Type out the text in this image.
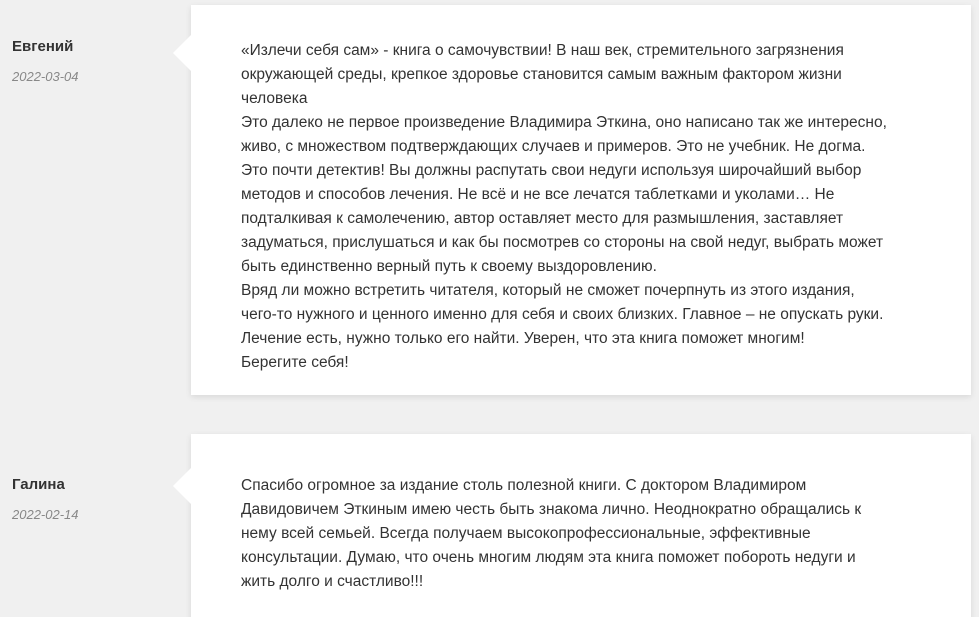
Евгений
2022-03-04

«Излечи себя сам» - книга о самочувствии! В наш век, стремительного загрязнения
окружающей среды, крепкое здоровье становится самым важным фактором жизни
человека

Это далеко не первое произведение Владимира Эткина, оно написано так же интересно,
живо, с множеством подтверждающих случаев и примеров. Это не учебник. Не догма.
Это почти детектив! Вы должны распутать свои недуги используя широчайший выбор
методов и способов лечения. Не всё и не все лечатся таблетками и уколами… Не
подталкивая к самолечению, автор оставляет место для размышления, заставляет
задуматься, прислушаться и как бы посмотрев со стороны на свой недуг, выбрать может
быть единственно верный путь к своему выздоровлению.

Вряд ли можно встретить читателя, который не сможет почерпнуть из этого издания,
чего-то нужного и ценного именно для себя и своих близких. Главное – не опускать руки.
Лечение есть, нужно только его найти. Уверен, что эта книга поможет многим!

Берегите себя!

Галина
2022-02-14

Спасибо огромное за издание столь полезной книги. С доктором Владимиром
Давидовичем Эткиным имею честь быть знакома лично. Неоднократно обращались к
нему всей семьей. Всегда получаем высокопрофессиональные, эффективные
консультации. Думаю, что очень многим людям эта книга поможет побороть недуги и
жить долго и счастливо!!!
